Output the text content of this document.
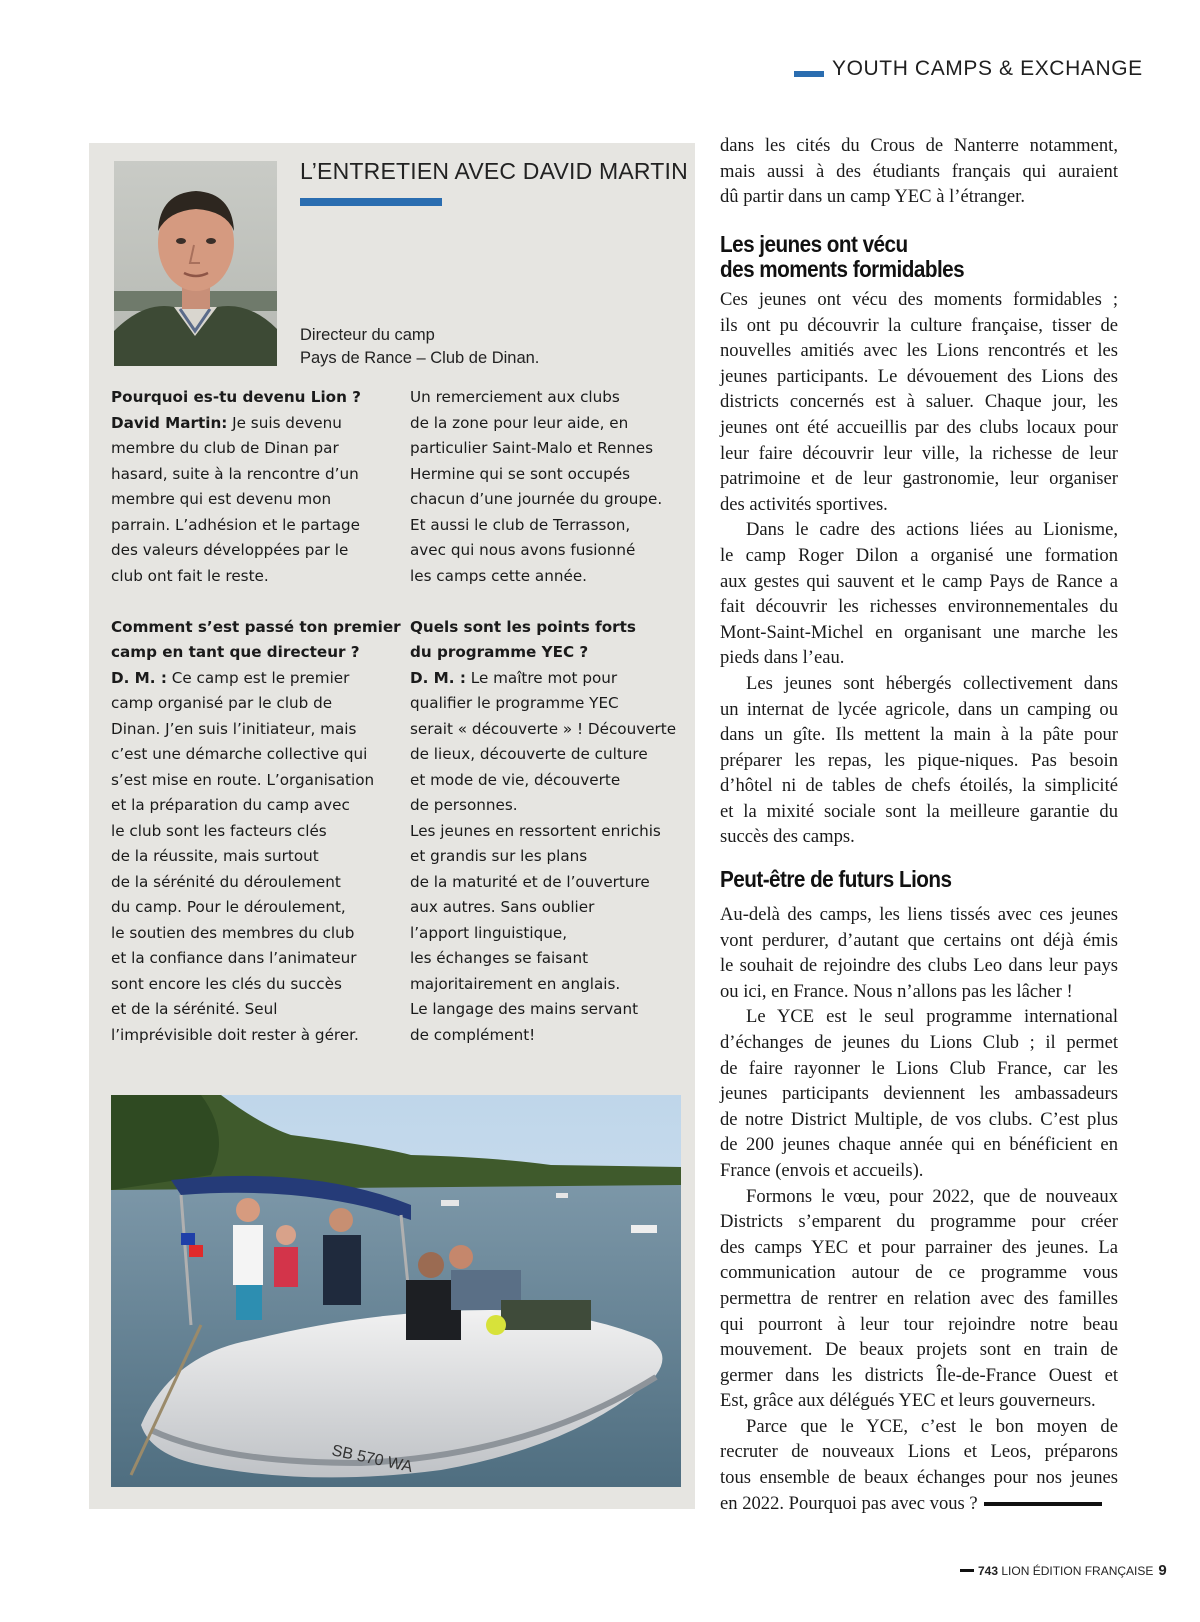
YOUTH CAMPS & EXCHANGE
L’ENTRETIEN AVEC DAVID MARTIN
Directeur du camp
Pays de Rance – Club de Dinan.
Pourquoi es-tu devenu Lion ?
David Martin: Je suis devenu
membre du club de Dinan par
hasard, suite à la rencontre d’un
membre qui est devenu mon
parrain. L’adhésion et le partage
des valeurs développées par le
club ont fait le reste.
Comment s’est passé ton premier
camp en tant que directeur ?
D. M. : Ce camp est le premier
camp organisé par le club de
Dinan. J’en suis l’initiateur, mais
c’est une démarche collective qui
s’est mise en route. L’organisation
et la préparation du camp avec
le club sont les facteurs clés
de la réussite, mais surtout
de la sérénité du déroulement
du camp. Pour le déroulement,
le soutien des membres du club
et la confiance dans l’animateur
sont encore les clés du succès
et de la sérénité. Seul
l’imprévisible doit rester à gérer.
Un remerciement aux clubs
de la zone pour leur aide, en
particulier Saint-Malo et Rennes
Hermine qui se sont occupés
chacun d’une journée du groupe.
Et aussi le club de Terrasson,
avec qui nous avons fusionné
les camps cette année.
Quels sont les points forts
du programme YEC ?
D. M. : Le maître mot pour
qualifier le programme YEC
serait « découverte » ! Découverte
de lieux, découverte de culture
et mode de vie, découverte
de personnes.
Les jeunes en ressortent enrichis
et grandis sur les plans
de la maturité et de l’ouverture
aux autres. Sans oublier
l’apport linguistique,
les échanges se faisant
majoritairement en anglais.
Le langage des mains servant
de complément!
SB 570 WA
dans les cités du Crous de Nanterre notamment,
mais aussi à des étudiants français qui auraient
dû partir dans un camp YEC à l’étranger.
Les jeunes ont vécu
des moments formidables
Ces jeunes ont vécu des moments formidables ;
ils ont pu découvrir la culture française, tisser de
nouvelles amitiés avec les Lions rencontrés et les
jeunes participants. Le dévouement des Lions des
districts concernés est à saluer. Chaque jour, les
jeunes ont été accueillis par des clubs locaux pour
leur faire découvrir leur ville, la richesse de leur
patrimoine et de leur gastronomie, leur organiser
des activités sportives.
Dans le cadre des actions liées au Lionisme,
le camp Roger Dilon a organisé une formation
aux gestes qui sauvent et le camp Pays de Rance a
fait découvrir les richesses environnementales du
Mont-Saint-Michel en organisant une marche les
pieds dans l’eau.
Les jeunes sont hébergés collectivement dans
un internat de lycée agricole, dans un camping ou
dans un gîte. Ils mettent la main à la pâte pour
préparer les repas, les pique-niques. Pas besoin
d’hôtel ni de tables de chefs étoilés, la simplicité
et la mixité sociale sont la meilleure garantie du
succès des camps.
Peut-être de futurs Lions
Au-delà des camps, les liens tissés avec ces jeunes
vont perdurer, d’autant que certains ont déjà émis
le souhait de rejoindre des clubs Leo dans leur pays
ou ici, en France. Nous n’allons pas les lâcher !
Le YCE est le seul programme international
d’échanges de jeunes du Lions Club ; il permet
de faire rayonner le Lions Club France, car les
jeunes participants deviennent les ambassadeurs
de notre District Multiple, de vos clubs. C’est plus
de 200 jeunes chaque année qui en bénéficient en
France (envois et accueils).
Formons le vœu, pour 2022, que de nouveaux
Districts s’emparent du programme pour créer
des camps YEC et pour parrainer des jeunes. La
communication autour de ce programme vous
permettra de rentrer en relation avec des familles
qui pourront à leur tour rejoindre notre beau
mouvement. De beaux projets sont en train de
germer dans les districts Île-de-France Ouest et
Est, grâce aux délégués YEC et leurs gouverneurs.
Parce que le YCE, c’est le bon moyen de
recruter de nouveaux Lions et Leos, préparons
tous ensemble de beaux échanges pour nos jeunes
en 2022. Pourquoi pas avec vous ?
743
LION ÉDITION FRANÇAISE 9
